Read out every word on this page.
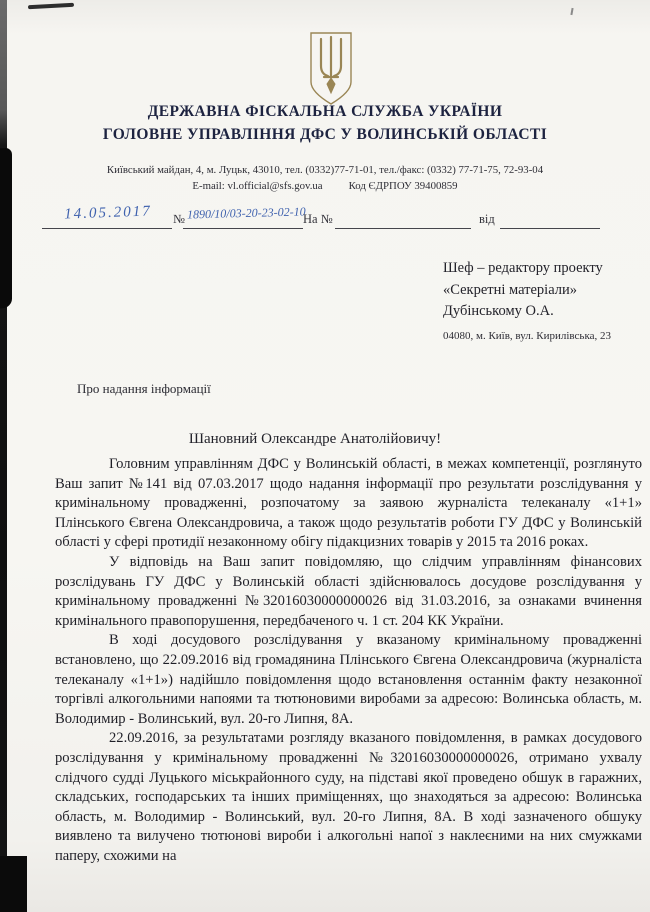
ДЕРЖАВНА ФІСКАЛЬНА СЛУЖБА УКРАЇНИ
ГОЛОВНЕ УПРАВЛІННЯ ДФС У ВОЛИНСЬКІЙ ОБЛАСТІ
Київський майдан, 4, м. Луцьк, 43010, тел. (0332)77-71-01, тел./факс: (0332) 77-71-75, 72-93-04
E-mail: vl.official@sfs.gov.ua Код ЄДРПОУ 39400859
14.05.2017	№ 1890/10/03-20-23-02-10
На №	від
Шеф – редактору проекту
«Секретні матеріали»
Дубінському О.А.
04080, м. Київ, вул. Кирилівська, 23
Про надання інформації
Шановний Олександре Анатолійовичу!

Головним управлінням ДФС у Волинській області, в межах компетенції, розглянуто Ваш запит №141 від 07.03.2017 щодо надання інформації про результати розслідування у кримінальному провадженні, розпочатому за заявою журналіста телеканалу «1+1» Плінського Євгена Олександровича, а також щодо результатів роботи ГУ ДФС у Волинській області у сфері протидії незаконному обігу підакцизних товарів у 2015 та 2016 роках.

У відповідь на Ваш запит повідомляю, що слідчим управлінням фінансових розслідувань ГУ ДФС у Волинській області здійснювалось досудове розслідування у кримінальному провадженні №32016030000000026 від 31.03.2016, за ознаками вчинення кримінального правопорушення, передбаченого ч. 1 ст. 204 КК України.

В ході досудового розслідування у вказаному кримінальному провадженні встановлено, що 22.09.2016 від громадянина Плінського Євгена Олександровича (журналіста телеканалу «1+1») надійшло повідомлення щодо встановлення останнім факту незаконної торгівлі алкогольними напоями та тютюновими виробами за адресою: Волинська область, м. Володимир - Волинський, вул. 20-го Липня, 8А.

22.09.2016, за результатами розгляду вказаного повідомлення, в рамках досудового розслідування у кримінальному провадженні №32016030000000026, отримано ухвалу слідчого судді Луцького міськрайонного суду, на підставі якої проведено обшук в гаражних, складських, господарських та інших приміщеннях, що знаходяться за адресою: Волинська область, м. Володимир - Волинський, вул. 20-го Липня, 8А. В ході зазначеного обшуку виявлено та вилучено тютюнові вироби і алкогольні напої з наклеєними на них смужками паперу, схожими на
